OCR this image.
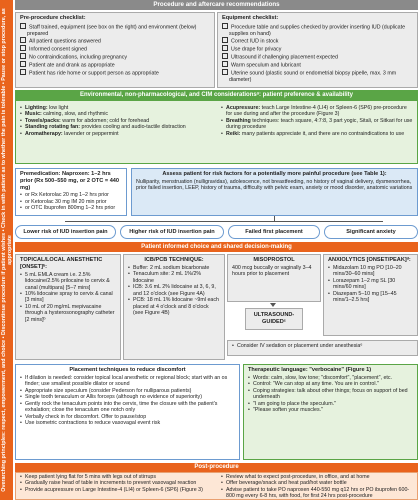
Overarching principles: respect, empowerment, and choice • Discontinue procedure if patient wishes • Check in with patient as to whether the pain is tolerable • Pause or stop procedure, as appropriate
Procedure and aftercare recommendations
Pre-procedure checklist:
Staff trained, equipment (see box on the right) and environment (below) prepared
All patient questions answered
Informed consent signed
No contraindications, including pregnancy
Patient ate and drank as appropriate
Patient has ride home or support person as appropriate
Equipment checklist:
Procedure table and supplies checked by provider inserting IUD (duplicate supplies on hand)
Correct IUD in stock
Use drape for privacy
Ultrasound if challenging placement expected
Warm speculum and lubricant
Uterine sound (plastic sound or endometrial biopsy pipelle, max. 3 mm diameter)
Environmental, non-pharmacological, and CIM considerationsᵃ: patient preference & availability
• Lighting: low light
• Music: calming, slow, and rhythmic
• Towels/packs: warm for abdomen; cold for forehead
• Standing rotating fan: provides cooling and audio-tactile distraction
• Aromatherapy: lavender or peppermint
• Acupressure: teach Large Intestine-4 (LI4) or Spleen-6 (SP6) pre-procedure for use during and after the procedure (Figure 3)
• Breathing techniques: teach square, 4:7:8, 3 part yogic, Sitali, or Sitkari for use during procedure
• Reiki: many patients appreciate it, and there are no contraindications to use
Premedication: Naproxen: 1–2 hrs prior (Rx 500–550 mg, or 2 OTC = 440 mg)
• or Rx Ketorolac 20 mg 1–2 hrs prior
• or Ketorolac 30 mg IM 20 min prior
• or OTC Ibuprofen 800mg 1–2 hrs prior
Assess patient for risk factors for a potentially more painful procedure (see Table 1):
Nulliparity, menstruation (nulligravidas), adolescence, not breastfeeding, no history of vaginal delivery, dysmenorrhea, prior failed insertion, LEEP, history of trauma, difficulty with pelvic exam, anxiety or mood disorder, anatomic variations
Lower risk of IUD insertion pain	Higher risk of IUD insertion pain	Failed first placement	Significant anxiety
Patient informed choice and shared decision-making
TOPICAL/LOCAL ANESTHETIC [ONSET]ᵇ:
• 5 mL EMLA cream i.e. 2.5% lidocaine/2.5% prilocaine to cervix & canal (multipara) [5–7 mins]
• 10% lidocaine spray to cervix & canal [3 mins]
• 10 mL of 20 mg/mL mepivacaine through a hysterosonography catheter [2 mins]ᵇ
ICB/PCB TECHNIQUE:
• Buffer: 2 mL sodium bicarbonate
• Tenaculum site: 2 mL 1%/2% lidocaine
• ICB: 3.6 mL 2% lidocaine at 3, 6, 9, and 12 o'clock (see Figure 4A)
• PCB: 18 mL 1% lidocaine ~9ml each placed at 4 o'clock and 8 o'clock (see Figure 4B)
MISOPROSTOL
400 mcg buccally or vaginally 3–4 hours prior to placement
ULTRASOUND-GUIDEDᶜ
ANXIOLYTICS [ONSET/PEAK]ᵈ:
• Midazolam 10 mg PO [10–20 mins/30–60 mins]
• Lorazepam 1–2 mg SL [30 mins/60 mins]
• Diazepam 5–10 mg [15–45 mins/1–2.5 hrs]
• Consider IV sedation or placement under anesthesiaᵉ
Placement techniques to reduce discomfort
• If dilation is needed: consider topical local anesthetic or regional block; start with an os finder; use smallest possible dilator or sound
• Appropriate size speculum (consider Pederson for nulliparous patients)
• Single tooth tenaculum or Allis forceps (although no evidence of superiority)
• Gently rock the tenaculum points into the cervix, time the closure with the patient's exhalation; close the tenaculum one notch only
• Verbally check in for discomfort. Offer to pause/stop
• Use isometric contractions to reduce vasovagal event risk
Therapeutic language: "verbocaine" (Figure 1)
• Words: calm, slow, low tone; "discomfort", "placement", etc.
• Control: "We can stop at any time. You are in control."
• Coping strategies: talk about other things; focus on support of bed underneath
• "I am going to place the speculum."
• "Please soften your muscles."
Post-procedure
• Keep patient lying flat for 5 mins with legs out of stirrups
• Gradually raise head of table in increments to prevent vasovagal reaction
• Provide acupressure on Large Intestine-4 (LI4) or Spleen-6 (SP6) (Figure 3)
• Review what to expect post-procedure, in office, and at home
• Offer beverage/snack and heat pad/hot water bottle
• Advise patient to take PO naproxen 440-550 mg q12 hrs or PO ibuprofen 600-800 mg every 6-8 hrs, with food, for first 24 hrs post-procedure
